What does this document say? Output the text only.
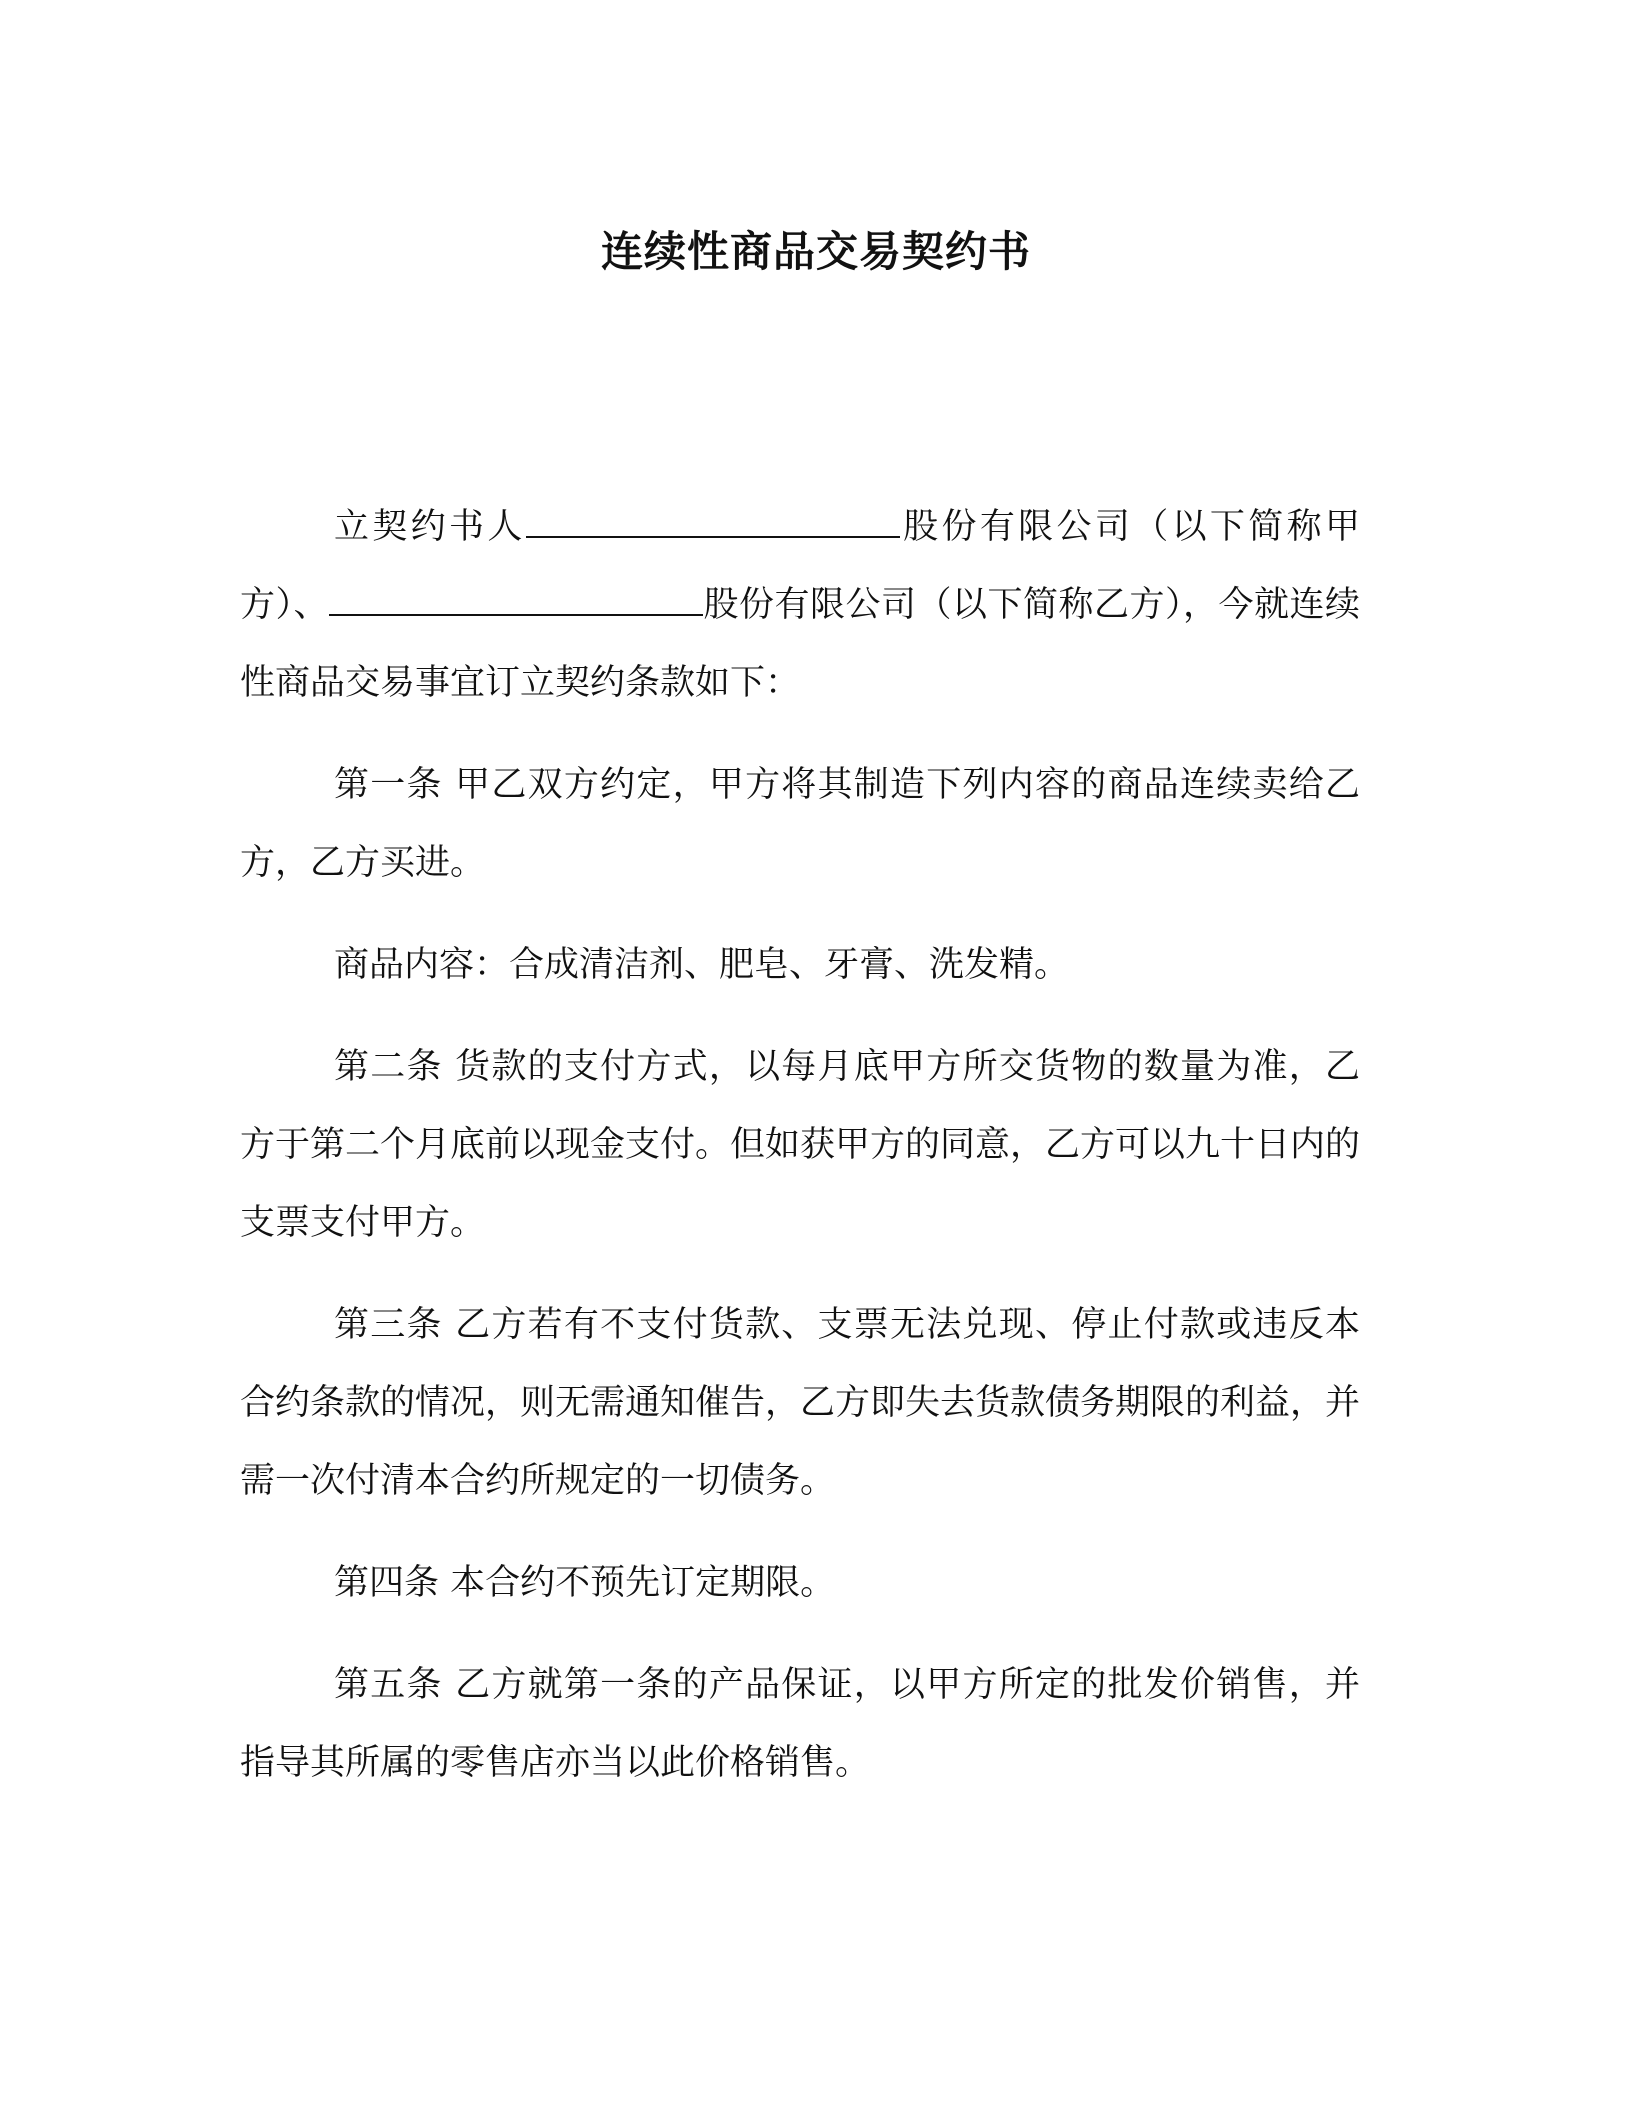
连续性商品交易契约书

立契约书人	股份有限公司（以下简称甲方）、	股份有限公司（以下简称乙方），今就连续性商品交易事宜订立契约条款如下：

第一条 甲乙双方约定，甲方将其制造下列内容的商品连续卖给乙方，乙方买进。

商品内容：合成清洁剂、肥皂、牙膏、洗发精。

第二条 货款的支付方式，以每月底甲方所交货物的数量为准，乙方于第二个月底前以现金支付。但如获甲方的同意，乙方可以九十日内的支票支付甲方。

第三条 乙方若有不支付货款、支票无法兑现、停止付款或违反本合约条款的情况，则无需通知催告，乙方即失去货款债务期限的利益，并需一次付清本合约所规定的一切债务。

第四条 本合约不预先订定期限。

第五条 乙方就第一条的产品保证，以甲方所定的批发价销售，并指导其所属的零售店亦当以此价格销售。
